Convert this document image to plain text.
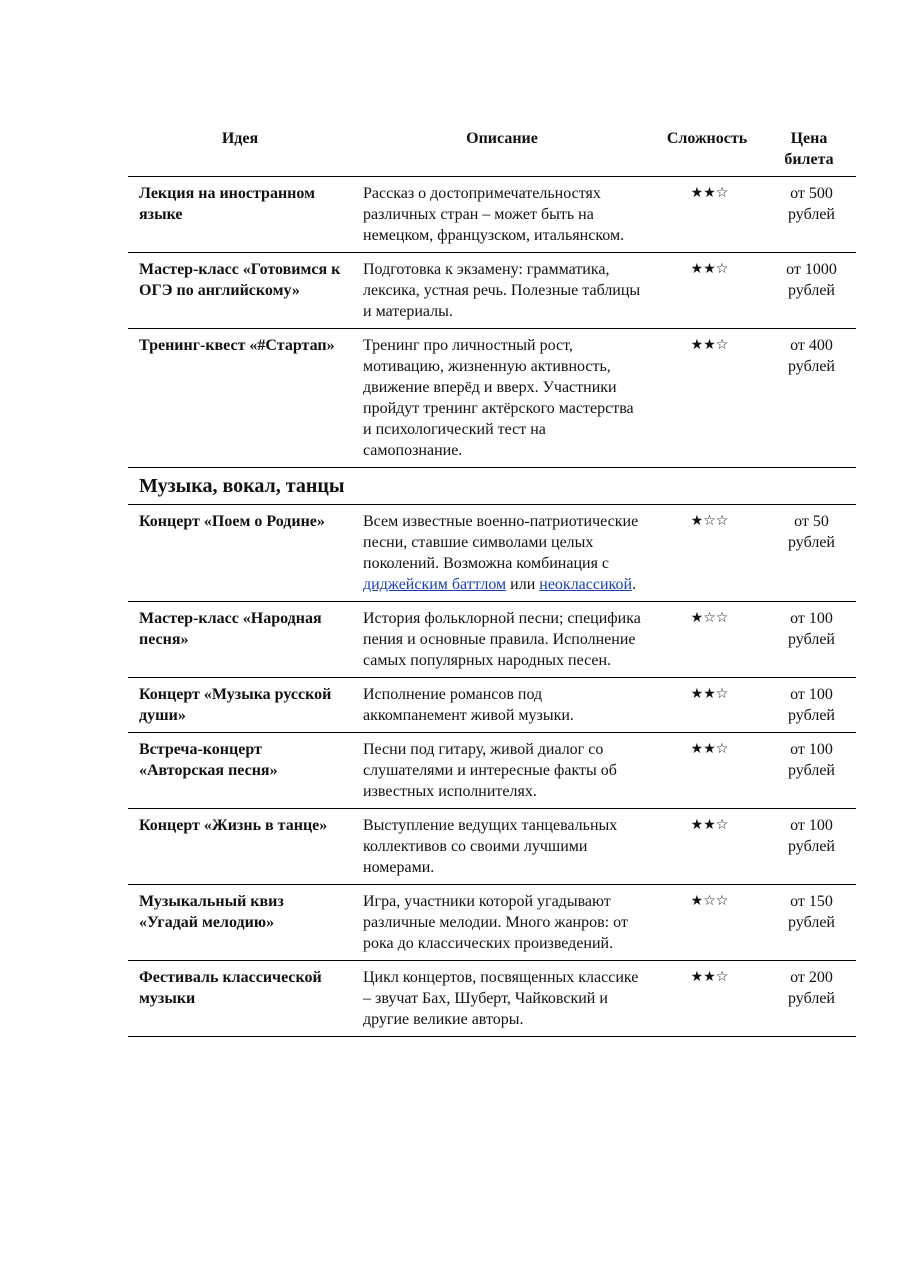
Идея	Описание	Сложность	Цена билета
Лекция на иностранном языке	Рассказ о достопримечательностях различных стран – может быть на немецком, французском, итальянском.	★★☆	от 500 рублей
Мастер-класс «Готовимся к ОГЭ по английскому»	Подготовка к экзамену: грамматика, лексика, устная речь. Полезные таблицы и материалы.	★★☆	от 1000 рублей
Тренинг-квест «#Стартап»	Тренинг про личностный рост, мотивацию, жизненную активность, движение вперёд и вверх. Участники пройдут тренинг актёрского мастерства и психологический тест на самопознание.	★★☆	от 400 рублей
Музыка, вокал, танцы			
Концерт «Поем о Родине»	Всем известные военно-патриотические песни, ставшие символами целых поколений. Возможна комбинация с диджейским баттлом или неоклассикой.	★☆☆	от 50 рублей
Мастер-класс «Народная песня»	История фольклорной песни; специфика пения и основные правила. Исполнение самых популярных народных песен.	★☆☆	от 100 рублей
Концерт «Музыка русской души»	Исполнение романсов под аккомпанемент живой музыки.	★★☆	от 100 рублей
Встреча-концерт «Авторская песня»	Песни под гитару, живой диалог со слушателями и интересные факты об известных исполнителях.	★★☆	от 100 рублей
Концерт «Жизнь в танце»	Выступление ведущих танцевальных коллективов со своими лучшими номерами.	★★☆	от 100 рублей
Музыкальный квиз «Угадай мелодию»	Игра, участники которой угадывают различные мелодии. Много жанров: от рока до классических произведений.	★☆☆	от 150 рублей
Фестиваль классической музыки	Цикл концертов, посвященных классике – звучат Бах, Шуберт, Чайковский и другие великие авторы.	★★☆	от 200 рублей
